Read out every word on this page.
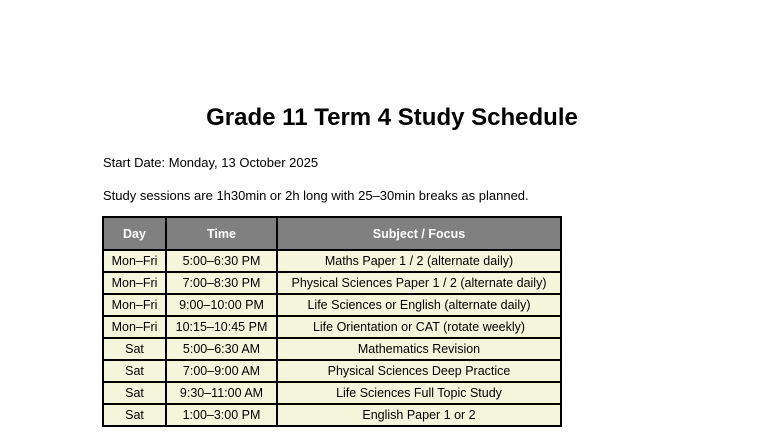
Grade 11 Term 4 Study Schedule
Start Date: Monday, 13 October 2025
Study sessions are 1h30min or 2h long with 25–30min breaks as planned.
Day	Time	Subject / Focus
Mon–Fri	5:00–6:30 PM	Maths Paper 1 / 2 (alternate daily)
Mon–Fri	7:00–8:30 PM	Physical Sciences Paper 1 / 2 (alternate daily)
Mon–Fri	9:00–10:00 PM	Life Sciences or English (alternate daily)
Mon–Fri	10:15–10:45 PM	Life Orientation or CAT (rotate weekly)
Sat	5:00–6:30 AM	Mathematics Revision
Sat	7:00–9:00 AM	Physical Sciences Deep Practice
Sat	9:30–11:00 AM	Life Sciences Full Topic Study
Sat	1:00–3:00 PM	English Paper 1 or 2
